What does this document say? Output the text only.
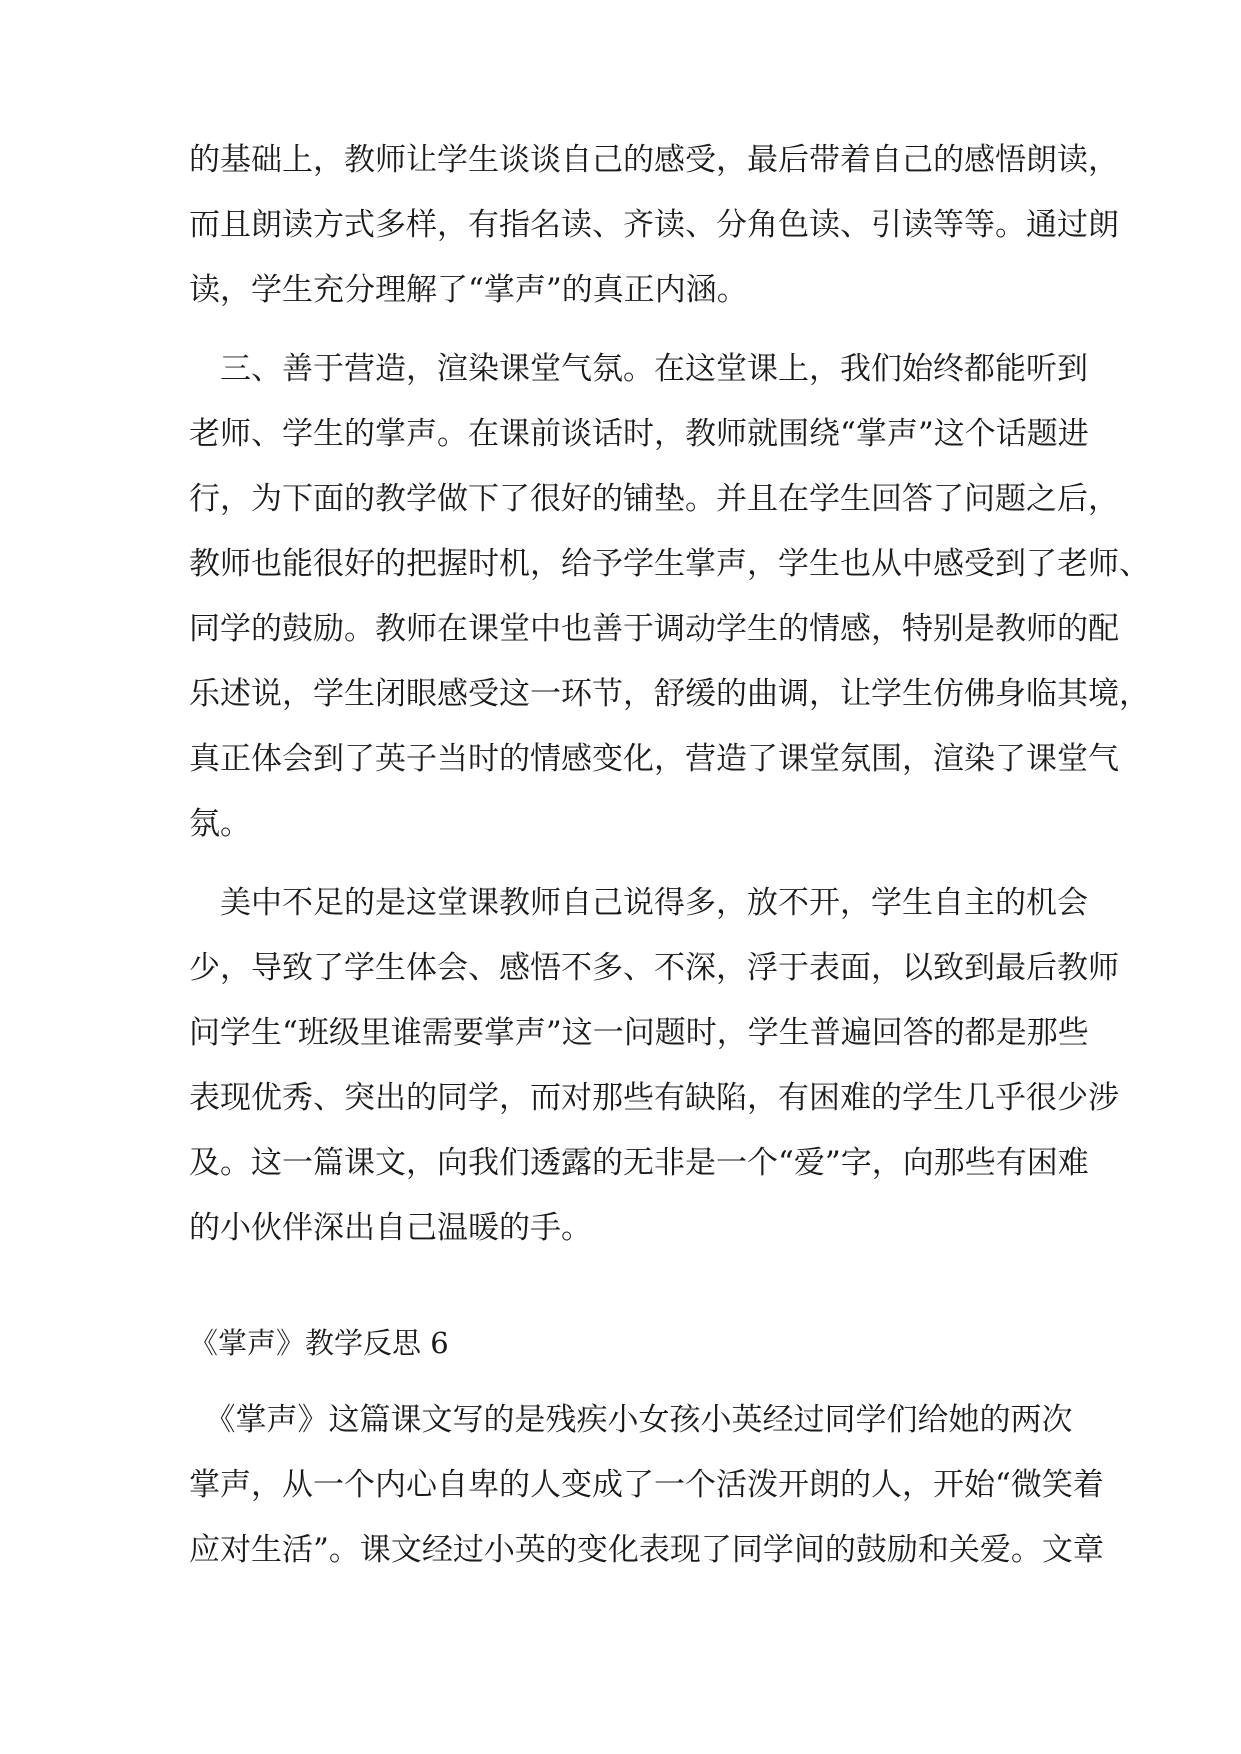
的基础上，教师让学生谈谈自己的感受，最后带着自己的感悟朗读，
而且朗读方式多样，有指名读、齐读、分角色读、引读等等。通过朗
读，学生充分理解了“掌声”的真正内涵。
　三、善于营造，渲染课堂气氛。在这堂课上，我们始终都能听到
老师、学生的掌声。在课前谈话时，教师就围绕“掌声”这个话题进
行，为下面的教学做下了很好的铺垫。并且在学生回答了问题之后，
教师也能很好的把握时机，给予学生掌声，学生也从中感受到了老师、
同学的鼓励。教师在课堂中也善于调动学生的情感，特别是教师的配
乐述说，学生闭眼感受这一环节，舒缓的曲调，让学生仿佛身临其境，
真正体会到了英子当时的情感变化，营造了课堂氛围，渲染了课堂气
氛。
　美中不足的是这堂课教师自己说得多，放不开，学生自主的机会
少，导致了学生体会、感悟不多、不深，浮于表面，以致到最后教师
问学生“班级里谁需要掌声”这一问题时，学生普遍回答的都是那些
表现优秀、突出的同学，而对那些有缺陷，有困难的学生几乎很少涉
及。这一篇课文，向我们透露的无非是一个“爱”字，向那些有困难
的小伙伴深出自己温暖的手。
《掌声》教学反思 6
　《掌声》这篇课文写的是残疾小女孩小英经过同学们给她的两次
掌声，从一个内心自卑的人变成了一个活泼开朗的人，开始“微笑着
应对生活”。课文经过小英的变化表现了同学间的鼓励和关爱。文章
